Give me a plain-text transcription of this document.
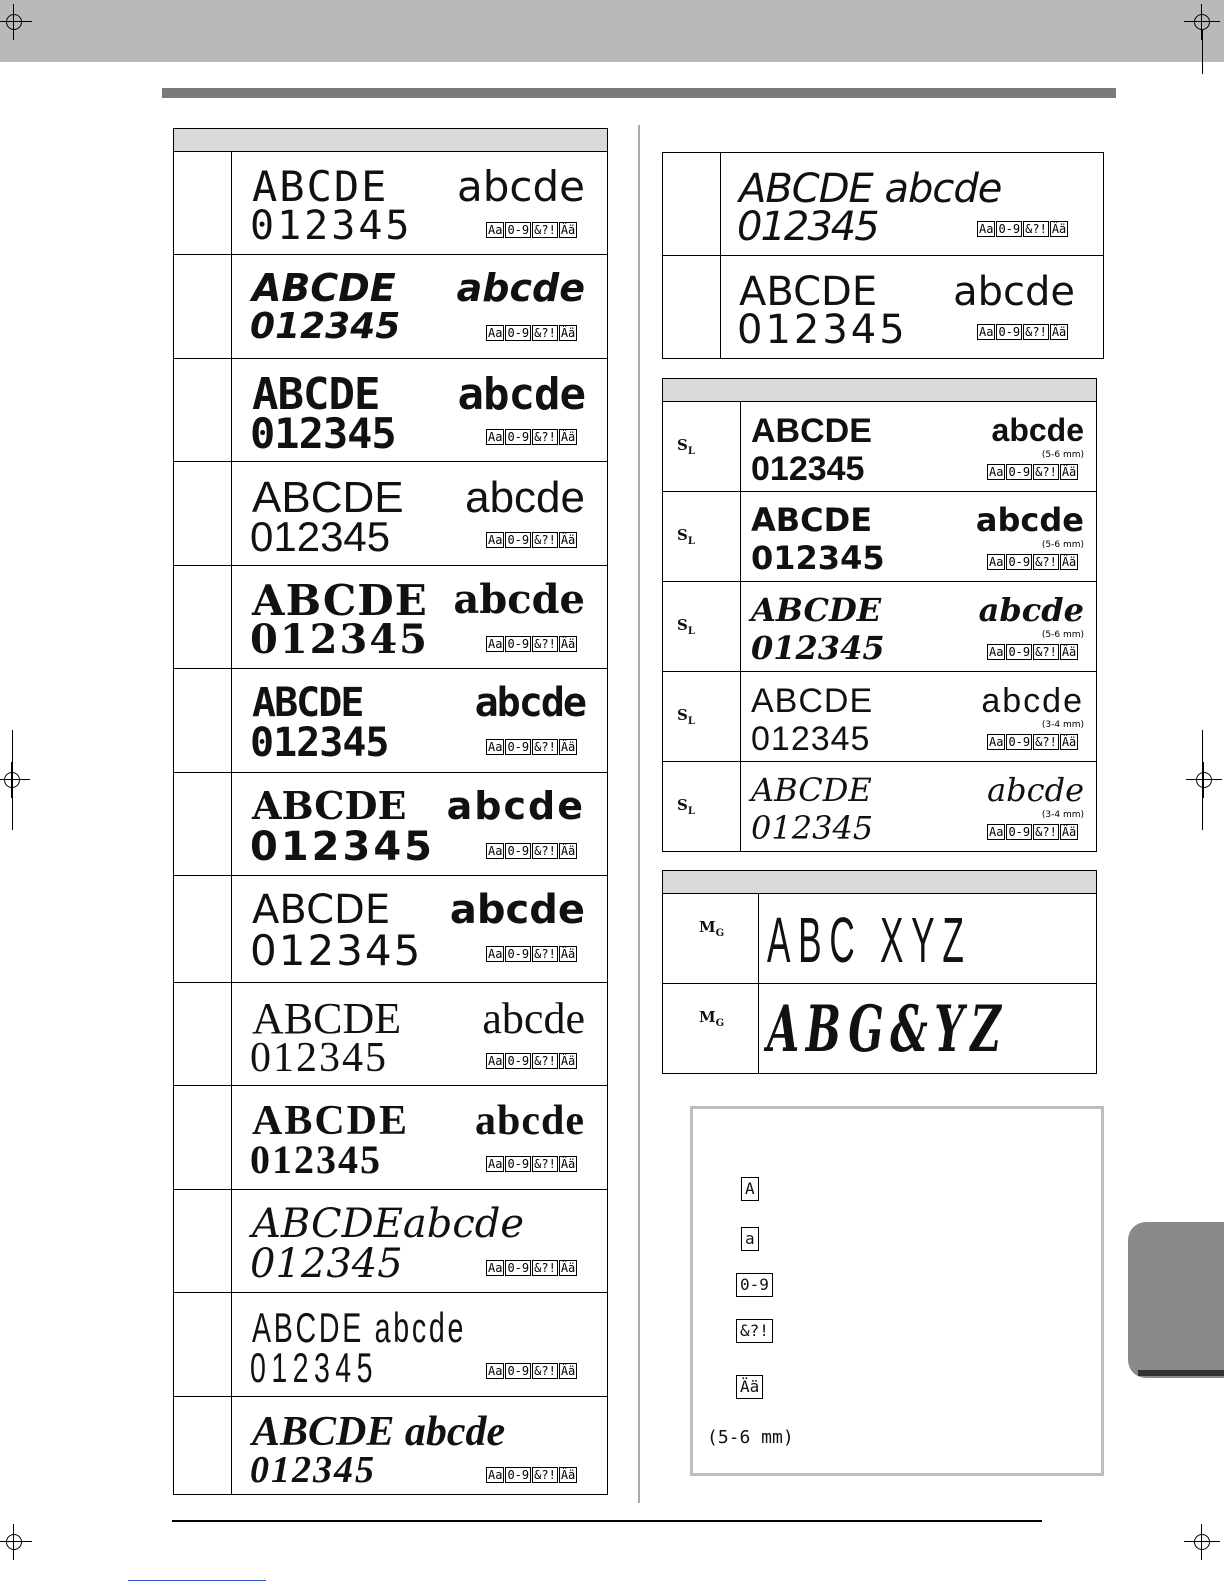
ABCDE abcde
012345	Aa 0-9 &?! Ää
ABCDE abcde
012345	Aa 0-9 &?! Ää
ABCDE abcde
012345	Aa 0-9 &?! Ää
ABCDE abcde
012345	Aa 0-9 &?! Ää
ABCDE abcde
012345	Aa 0-9 &?! Ää
ABCDE	abcde
012345	Aa 0-9 &?! Ää
ABCDE abcde
012345	Aa 0-9 &?! Ää
ABCDE abcde
012345	Aa 0-9 &?! Ää
ABCDE abcde
012345	Aa 0-9 &?! Ää
ABCDE abcde
012345	Aa 0-9 &?! Ää
ABCDEabcde
012345	Aa 0-9 &?! Ää
ABCDE abcde
012345	Aa 0-9 &?! Ää
ABCDE abcde
012345	Aa 0-9 &?! Ää
ABCDE abcde
012345	Aa 0-9 &?! Ää
ABCDE abcde
012345	Aa 0-9 &?! Ää
$S_L$
ABCDE	abcde
012345	(5-6 mm)
Aa 0-9 &?! Ää
$S_L$
ABCDE	abcde
012345	(5-6 mm)
Aa 0-9 &?! Ää
$S_L$
ABCDE	abcde
012345	(5-6 mm)
Aa 0-9 &?! Ää
$S_L$
ABCDE	abcde
012345	(3-4 mm)
Aa 0-9 &?! Ää
$S_L$
ABCDE	abcde
012345	(3-4 mm)
Aa 0-9 &?! Ää
$M_G$ ABC XYZ
$M_G$ ABG&YZ
A
a
0-9
&?!
Ää
(5-6 mm)
